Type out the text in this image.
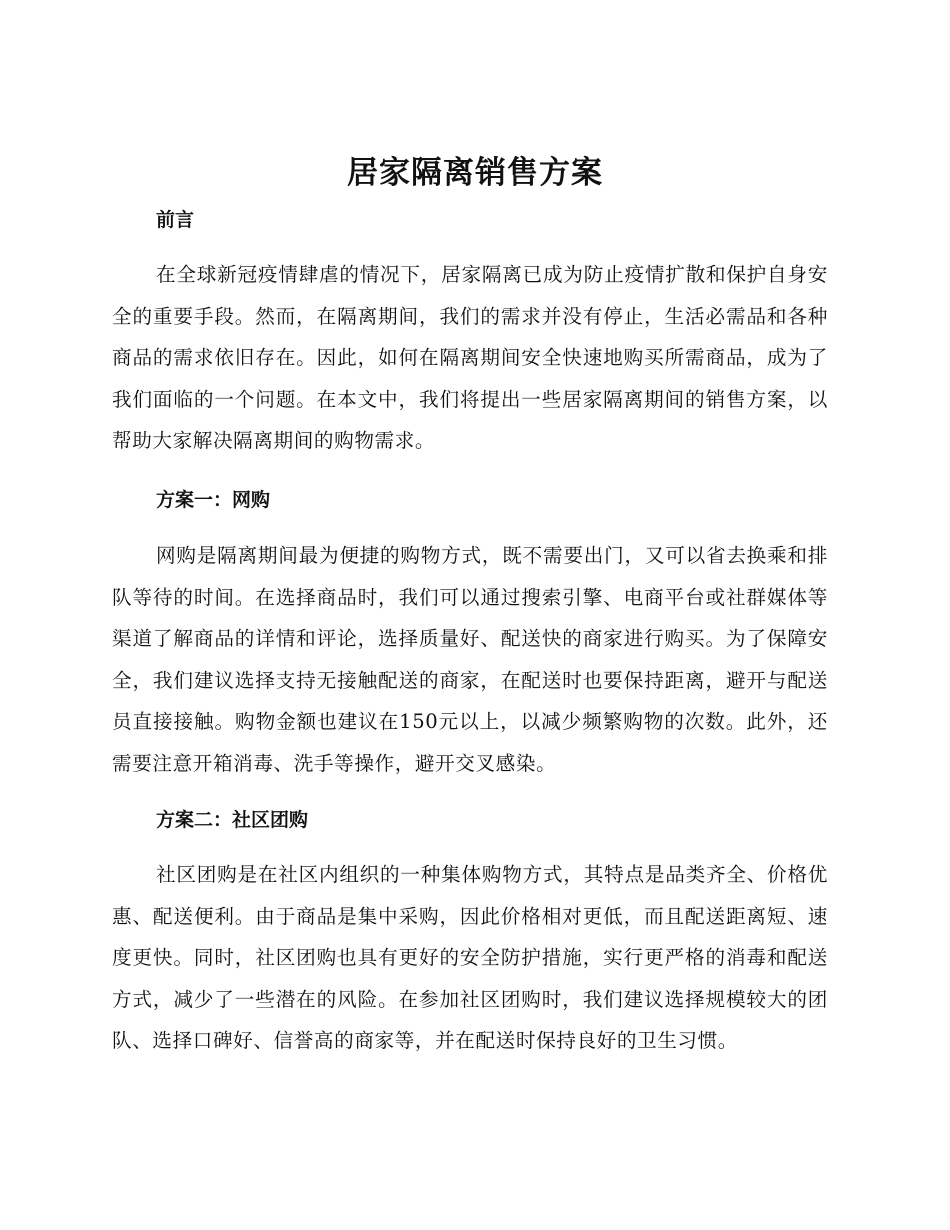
居家隔离销售方案
前言

在全球新冠疫情肆虐的情况下，居家隔离已成为防止疫情扩散和保护自身安全的重要手段。然而，在隔离期间，我们的需求并没有停止，生活必需品和各种商品的需求依旧存在。因此，如何在隔离期间安全快速地购买所需商品，成为了我们面临的一个问题。在本文中，我们将提出一些居家隔离期间的销售方案，以帮助大家解决隔离期间的购物需求。

方案一：网购

网购是隔离期间最为便捷的购物方式，既不需要出门，又可以省去换乘和排队等待的时间。在选择商品时，我们可以通过搜索引擎、电商平台或社群媒体等渠道了解商品的详情和评论，选择质量好、配送快的商家进行购买。为了保障安全，我们建议选择支持无接触配送的商家，在配送时也要保持距离，避开与配送员直接接触。购物金额也建议在150元以上，以减少频繁购物的次数。此外，还需要注意开箱消毒、洗手等操作，避开交叉感染。

方案二：社区团购

社区团购是在社区内组织的一种集体购物方式，其特点是品类齐全、价格优惠、配送便利。由于商品是集中采购，因此价格相对更低，而且配送距离短、速度更快。同时，社区团购也具有更好的安全防护措施，实行更严格的消毒和配送方式，减少了一些潜在的风险。在参加社区团购时，我们建议选择规模较大的团队、选择口碑好、信誉高的商家等，并在配送时保持良好的卫生习惯。
